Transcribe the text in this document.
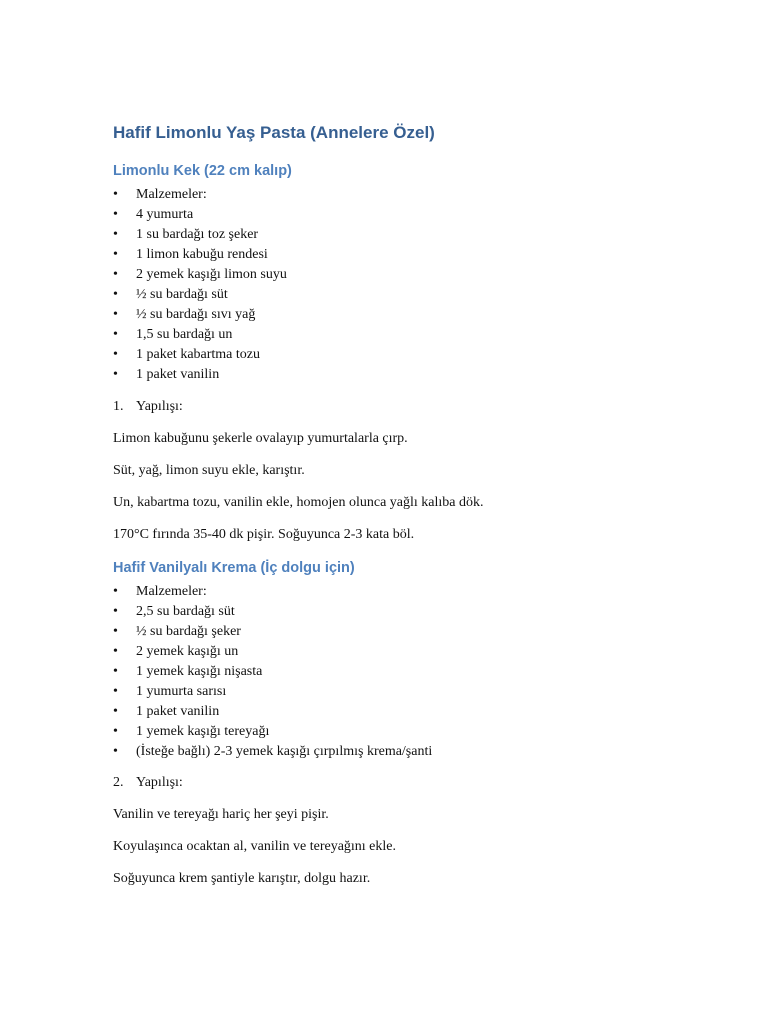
Hafif Limonlu Yaş Pasta (Annelere Özel)
Limonlu Kek (22 cm kalıp)
•	Malzemeler:
•	4 yumurta
•	1 su bardağı toz şeker
•	1 limon kabuğu rendesi
•	2 yemek kaşığı limon suyu
•	½ su bardağı süt
•	½ su bardağı sıvı yağ
•	1,5 su bardağı un
•	1 paket kabartma tozu
•	1 paket vanilin
1. Yapılışı:
Limon kabuğunu şekerle ovalayıp yumurtalarla çırp.
Süt, yağ, limon suyu ekle, karıştır.
Un, kabartma tozu, vanilin ekle, homojen olunca yağlı kalıba dök.
170°C fırında 35-40 dk pişir. Soğuyunca 2-3 kata böl.
Hafif Vanilyalı Krema (İç dolgu için)
•	Malzemeler:
•	2,5 su bardağı süt
•	½ su bardağı şeker
•	2 yemek kaşığı un
•	1 yemek kaşığı nişasta
•	1 yumurta sarısı
•	1 paket vanilin
•	1 yemek kaşığı tereyağı
•	(İsteğe bağlı) 2-3 yemek kaşığı çırpılmış krema/şanti
2. Yapılışı:
Vanilin ve tereyağı hariç her şeyi pişir.
Koyulaşınca ocaktan al, vanilin ve tereyağını ekle.
Soğuyunca krem şantiyle karıştır, dolgu hazır.
